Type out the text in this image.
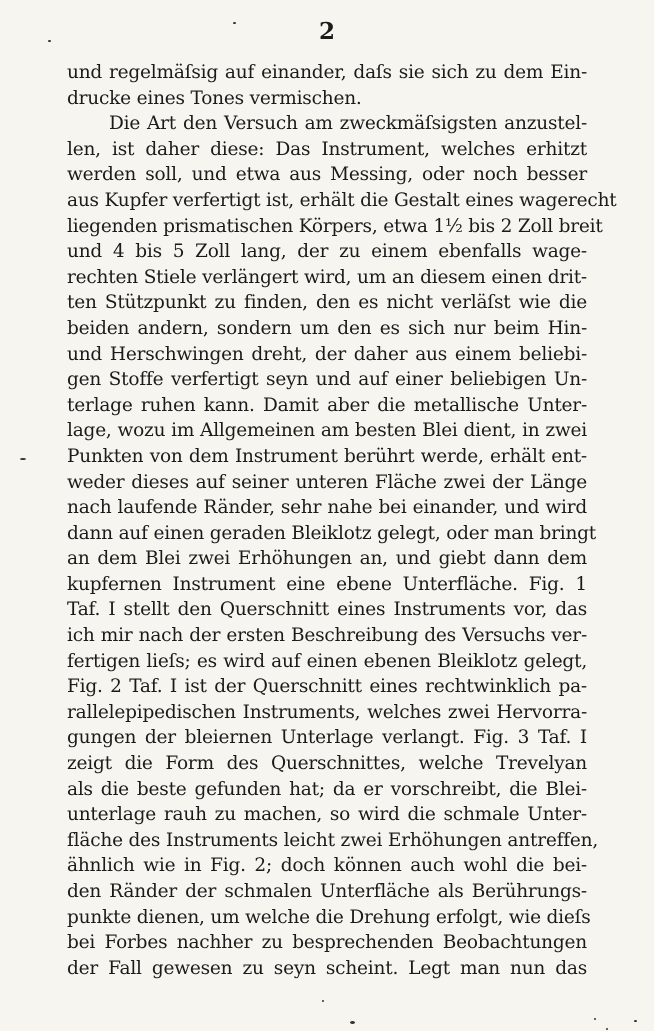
2
und regelmäſsig auf einander, daſs sie sich zu dem Ein-
drucke eines Tones vermischen.
Die Art den Versuch am zweckmäſsigsten anzustel-
len, ist daher diese: Das Instrument, welches erhitzt
werden soll, und etwa aus Messing, oder noch besser
aus Kupfer verfertigt ist, erhält die Gestalt eines wagerecht
liegenden prismatischen Körpers, etwa 1½ bis 2 Zoll breit
und 4 bis 5 Zoll lang, der zu einem ebenfalls wage-
rechten Stiele verlängert wird, um an diesem einen drit-
ten Stützpunkt zu finden, den es nicht verläſst wie die
beiden andern, sondern um den es sich nur beim Hin-
und Herschwingen dreht, der daher aus einem beliebi-
gen Stoffe verfertigt seyn und auf einer beliebigen Un-
terlage ruhen kann. Damit aber die metallische Unter-
lage, wozu im Allgemeinen am besten Blei dient, in zwei
Punkten von dem Instrument berührt werde, erhält ent-
weder dieses auf seiner unteren Fläche zwei der Länge
nach laufende Ränder, sehr nahe bei einander, und wird
dann auf einen geraden Bleiklotz gelegt, oder man bringt
an dem Blei zwei Erhöhungen an, und giebt dann dem
kupfernen Instrument eine ebene Unterfläche. Fig. 1
Taf. I stellt den Querschnitt eines Instruments vor, das
ich mir nach der ersten Beschreibung des Versuchs ver-
fertigen lieſs; es wird auf einen ebenen Bleiklotz gelegt,
Fig. 2 Taf. I ist der Querschnitt eines rechtwinklich pa-
rallelepipedischen Instruments, welches zwei Hervorra-
gungen der bleiernen Unterlage verlangt. Fig. 3 Taf. I
zeigt die Form des Querschnittes, welche Trevelyan
als die beste gefunden hat; da er vorschreibt, die Blei-
unterlage rauh zu machen, so wird die schmale Unter-
fläche des Instruments leicht zwei Erhöhungen antreffen,
ähnlich wie in Fig. 2; doch können auch wohl die bei-
den Ränder der schmalen Unterfläche als Berührungs-
punkte dienen, um welche die Drehung erfolgt, wie dieſs
bei Forbes nachher zu besprechenden Beobachtungen
der Fall gewesen zu seyn scheint. Legt man nun das
